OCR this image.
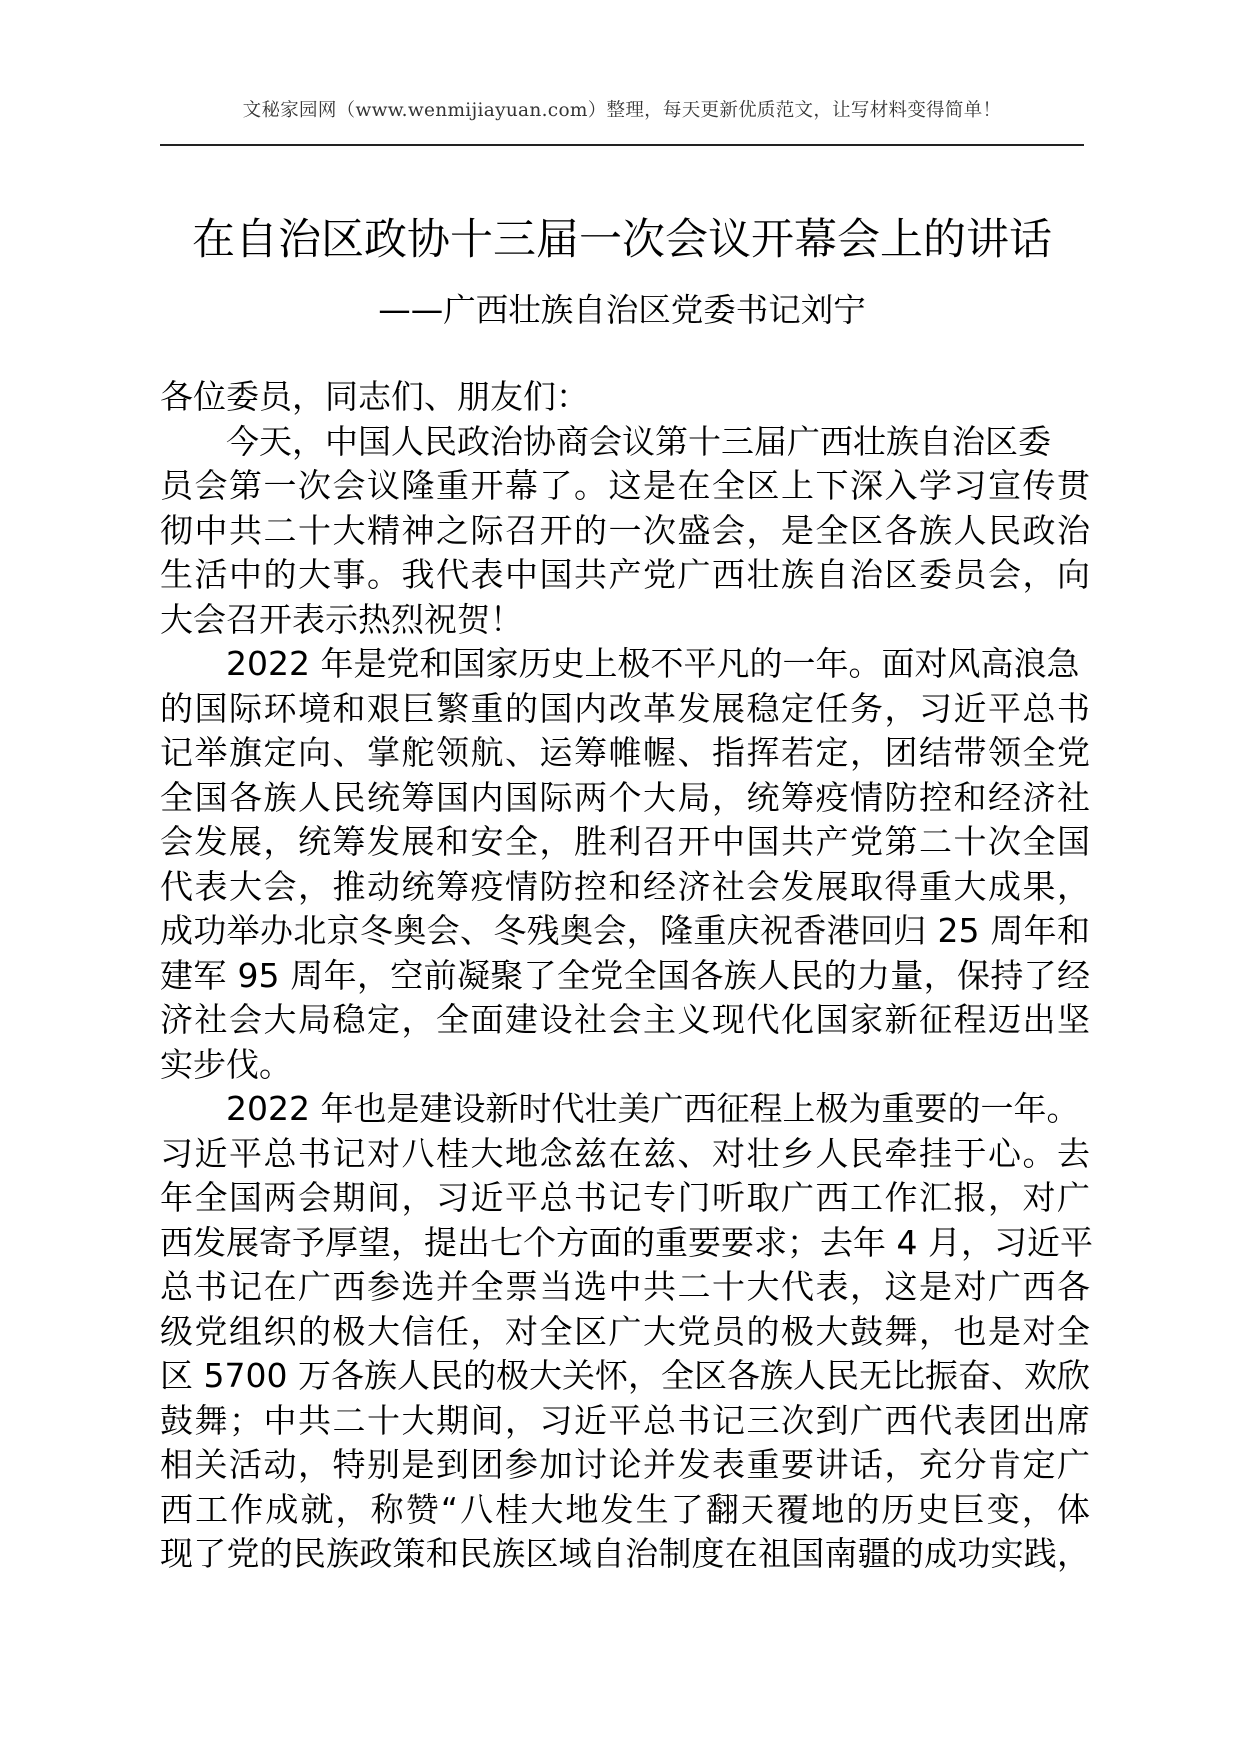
文秘家园网（www.wenmijiayuan.com）整理，每天更新优质范文，让写材料变得简单！
在自治区政协十三届一次会议开幕会上的讲话
——广西壮族自治区党委书记刘宁
各位委员，同志们、朋友们：
今天，中国人民政治协商会议第十三届广西壮族自治区委
员会第一次会议隆重开幕了。这是在全区上下深入学习宣传贯
彻中共二十大精神之际召开的一次盛会，是全区各族人民政治
生活中的大事。我代表中国共产党广西壮族自治区委员会，向
大会召开表示热烈祝贺！
2022 年是党和国家历史上极不平凡的一年。面对风高浪急
的国际环境和艰巨繁重的国内改革发展稳定任务，习近平总书
记举旗定向、掌舵领航、运筹帷幄、指挥若定，团结带领全党
全国各族人民统筹国内国际两个大局，统筹疫情防控和经济社
会发展，统筹发展和安全，胜利召开中国共产党第二十次全国
代表大会，推动统筹疫情防控和经济社会发展取得重大成果，
成功举办北京冬奥会、冬残奥会，隆重庆祝香港回归 25 周年和
建军 95 周年，空前凝聚了全党全国各族人民的力量，保持了经
济社会大局稳定，全面建设社会主义现代化国家新征程迈出坚
实步伐。
2022 年也是建设新时代壮美广西征程上极为重要的一年。
习近平总书记对八桂大地念兹在兹、对壮乡人民牵挂于心。去
年全国两会期间，习近平总书记专门听取广西工作汇报，对广
西发展寄予厚望，提出七个方面的重要要求；去年 4 月，习近平
总书记在广西参选并全票当选中共二十大代表，这是对广西各
级党组织的极大信任，对全区广大党员的极大鼓舞，也是对全
区 5700 万各族人民的极大关怀，全区各族人民无比振奋、欢欣
鼓舞；中共二十大期间，习近平总书记三次到广西代表团出席
相关活动，特别是到团参加讨论并发表重要讲话，充分肯定广
西工作成就，称赞“八桂大地发生了翻天覆地的历史巨变，体
现了党的民族政策和民族区域自治制度在祖国南疆的成功实践，
